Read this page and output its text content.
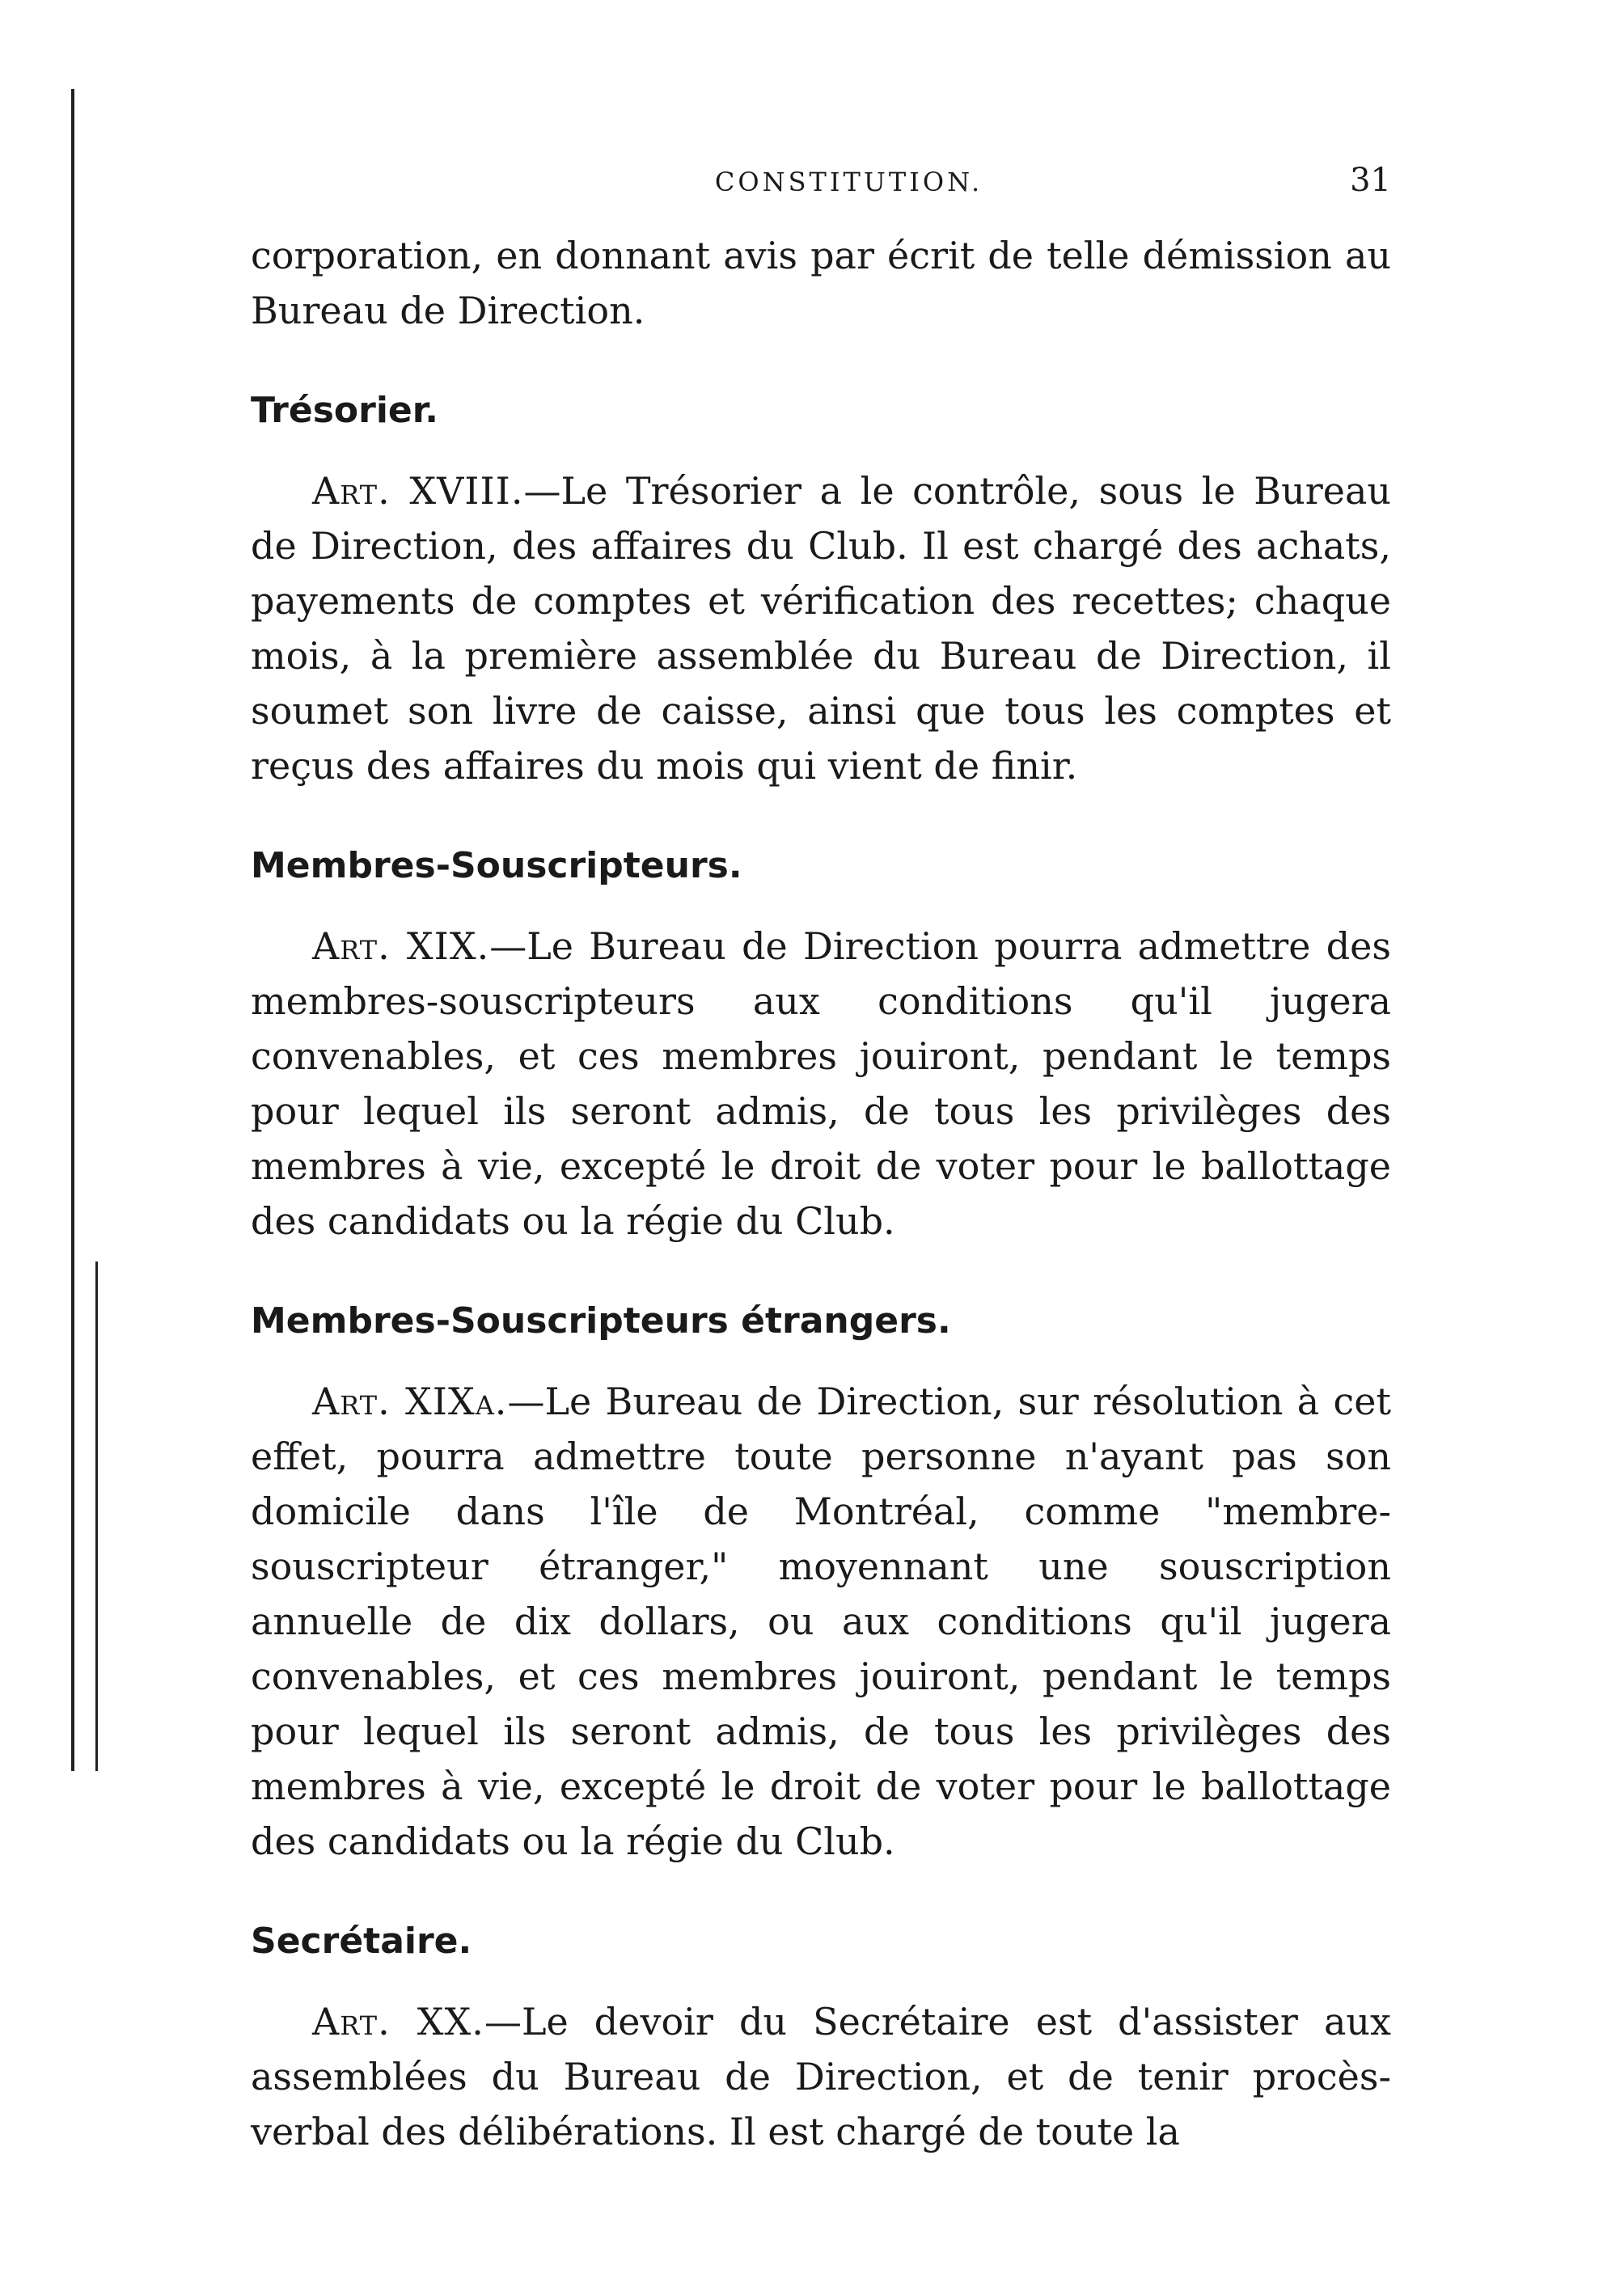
CONSTITUTION.	31

corporation, en donnant avis par écrit de telle démission au Bureau de Direction.

Trésorier.

Art. XVIII.—Le Trésorier a le contrôle, sous le Bureau de Direction, des affaires du Club. Il est chargé des achats, payements de comptes et vérification des recettes; chaque mois, à la première assemblée du Bureau de Direction, il soumet son livre de caisse, ainsi que tous les comptes et reçus des affaires du mois qui vient de finir.

Membres-Souscripteurs.

Art. XIX.—Le Bureau de Direction pourra admettre des membres-souscripteurs aux conditions qu'il jugera convenables, et ces membres jouiront, pendant le temps pour lequel ils seront admis, de tous les privilèges des membres à vie, excepté le droit de voter pour le ballottage des candidats ou la régie du Club.

Membres-Souscripteurs étrangers.

Art. XIXa.—Le Bureau de Direction, sur résolution à cet effet, pourra admettre toute personne n'ayant pas son domicile dans l'île de Montréal, comme "membre-souscripteur étranger," moyennant une souscription annuelle de dix dollars, ou aux conditions qu'il jugera convenables, et ces membres jouiront, pendant le temps pour lequel ils seront admis, de tous les privilèges des membres à vie, excepté le droit de voter pour le ballottage des candidats ou la régie du Club.

Secrétaire.

Art. XX.—Le devoir du Secrétaire est d'assister aux assemblées du Bureau de Direction, et de tenir procès-verbal des délibérations. Il est chargé de toute la
